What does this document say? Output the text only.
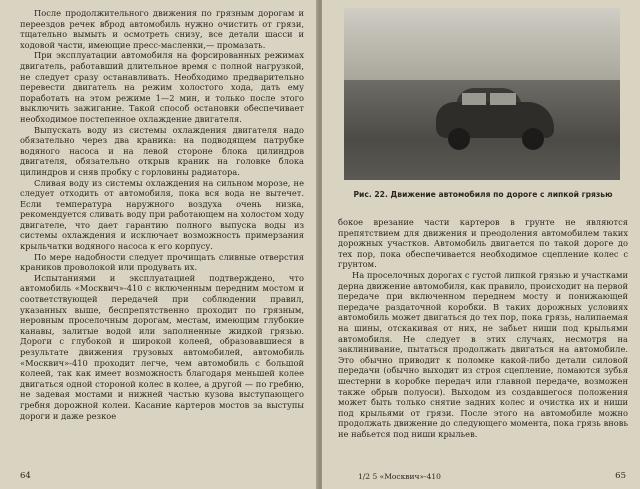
После продолжительного движения по грязным дорогам и переездов речек вброд автомобиль нужно очистить от грязи, тщательно вымыть и осмотреть снизу, все детали шасси и ходовой части, имеющие пресс-масленки,— промазать.

При эксплуатации автомобиля на форсированных режимах двигатель, работавший длительное время с полной нагрузкой, не следует сразу останавливать. Необходимо предварительно перевести двигатель на режим холостого хода, дать ему поработать на этом режиме 1—2 мин, и только после этого выключить зажигание. Такой способ остановки обеспечивает необходимое постепенное охлаждение двигателя.

Выпускать воду из системы охлаждения двигателя надо обязательно через два краника: на подводящем патрубке водяного насоса и на левой стороне блока цилиндров двигателя, обязательно открыв краник на головке блока цилиндров и сняв пробку с горловины радиатора.

Сливая воду из системы охлаждения на сильном морозе, не следует отходить от автомобиля, пока вся вода не вытечет. Если температура наружного воздуха очень низка, рекомендуется сливать воду при работающем на холостом ходу двигателе, что дает гарантию полного выпуска воды из системы охлаждения и исключает возможность примерзания крыльчатки водяного насоса к его корпусу.

По мере надобности следует прочищать сливные отверстия краников проволокой или продувать их.

Испытаниями и эксплуатацией подтверждено, что автомобиль «Москвич»-410 с включенным передним мостом и соответствующей передачей при соблюдении правил, указанных выше, беспрепятственно проходит по грязным, неровным проселочным дорогам, местам, имеющим глубокие канавы, залитые водой или заполненные жидкой грязью. Дороги с глубокой и широкой колеей, образовавшиеся в результате движения грузовых автомобилей, автомобиль «Москвич»-410 проходит легче, чем автомобиль с большой колеей, так как имеет возможность благодаря меньшей колее двигаться одной стороной колес в колее, а другой — по гребню, не задевая мостами и нижней частью кузова выступающего гребня дорожной колеи. Касание картеров мостов за выступы дороги и даже резкое

64
Рис. 22. Движение автомобиля по дороге с липкой грязью

бокое врезание части картеров в грунте не являются препятствием для движения и преодоления автомобилем таких дорожных участков. Автомобиль двигается по такой дороге до тех пор, пока обеспечивается необходимое сцепление колес с грунтом.

На проселочных дорогах с густой липкой грязью и участками дерна движение автомобиля, как правило, происходит на первой передаче при включенном переднем мосту и понижающей передаче раздаточной коробки. В таких дорожных условиях автомобиль может двигаться до тех пор, пока грязь, налипаемая на шины, отскакивая от них, не забьет ниши под крыльями автомобиля. Не следует в этих случаях, несмотря на заклинивание, пытаться продолжать двигаться на автомобиле. Это обычно приводит к поломке какой-либо детали силовой передачи (обычно выходит из строя сцепление, ломаются зубья шестерни в коробке передач или главной передаче, возможен также обрыв полуоси). Выходом из создавшегося положения может быть только снятие задних колес и очистка их и ниши под крыльями от грязи. После этого на автомобиле можно продолжать движение до следующего момента, пока грязь вновь не набьется под ниши крыльев.

1/2 5 «Москвич»-410	65
